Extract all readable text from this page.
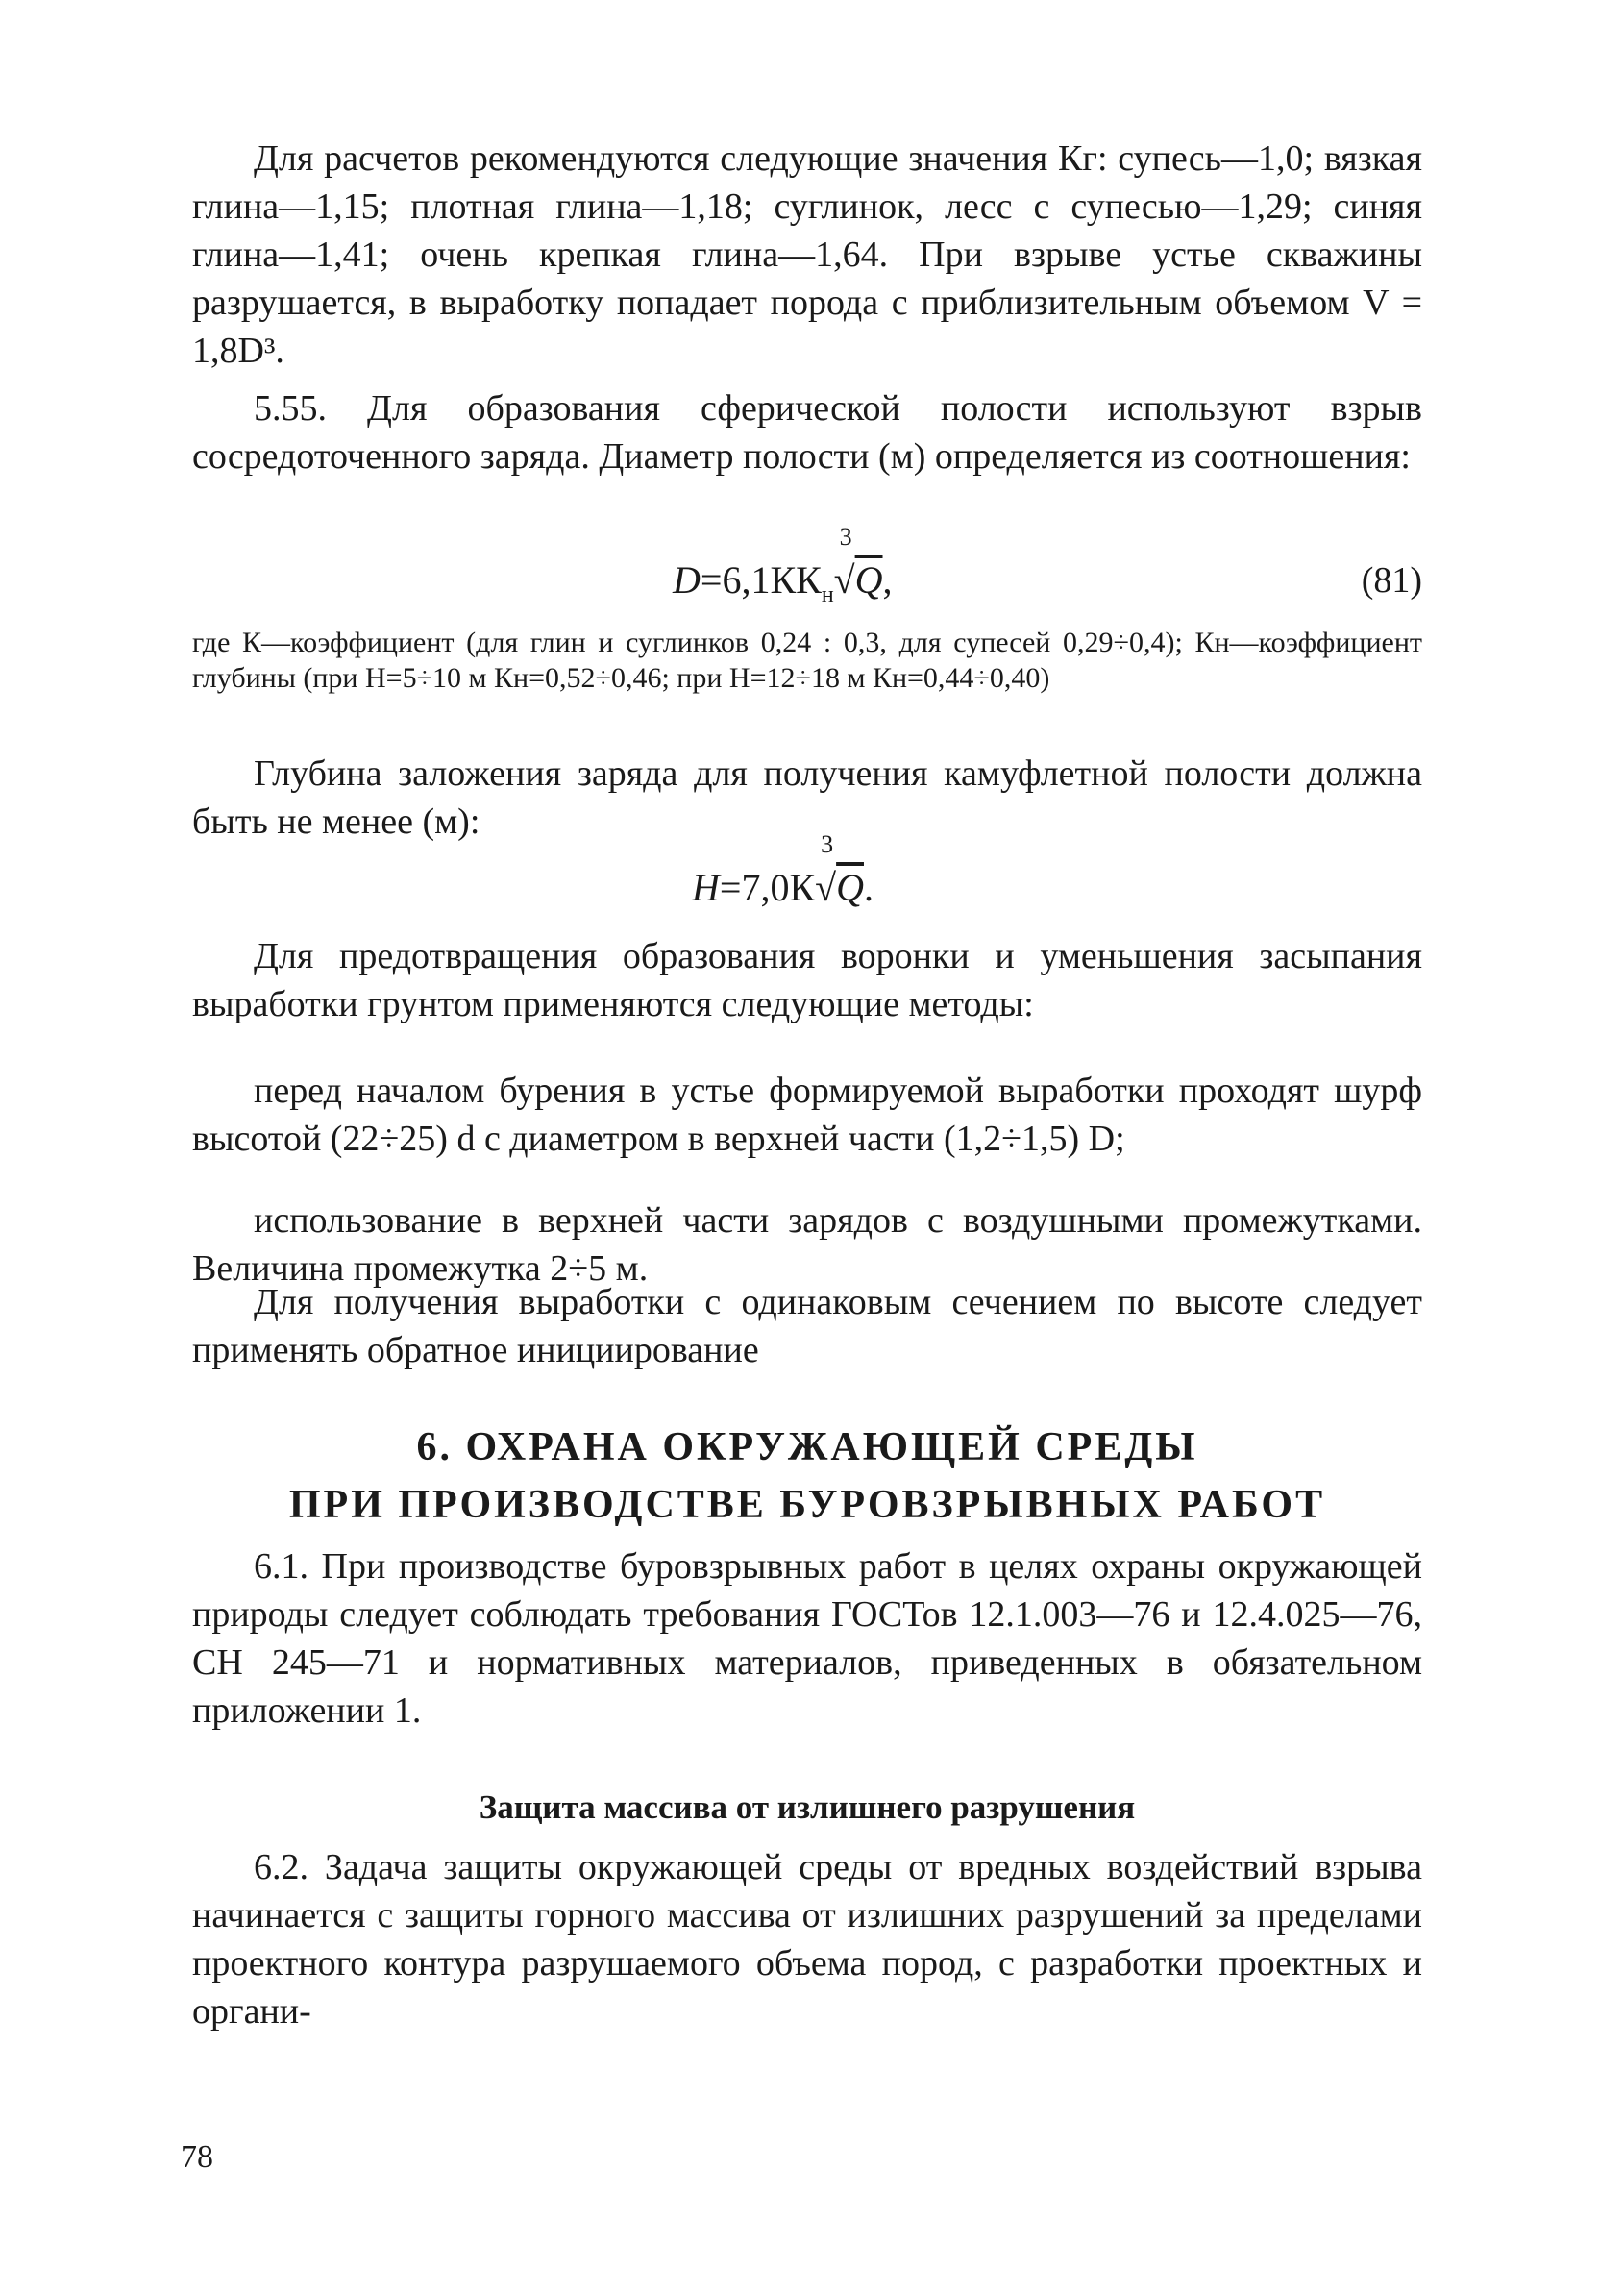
Для расчетов рекомендуются следующие значения Кг: супесь—1,0; вязкая глина—1,15; плотная глина—1,18; суглинок, лесс с супесью—1,29; синяя глина—1,41; очень крепкая глина—1,64. При взрыве устье скважины разрушается, в выработку попадает порода с приблизительным объемом V = 1,8D³.

5.55. Для образования сферической полости используют взрыв сосредоточенного заряда. Диаметр полости (м) определяется из соотношения:

$D=6,1КК_н$
3
√Q,	(81)

где К—коэффициент (для глин и суглинков 0,24 : 0,3, для супесей 0,29÷0,4); Кн—коэффициент глубины (при H=5÷10 м Кн=0,52÷0,46; при H=12÷18 м Кн=0,44÷0,40)

Глубина заложения заряда для получения камуфлетной полости должна быть не менее (м):

H=7,0К
3
√Q.

Для предотвращения образования воронки и уменьшения засыпания выработки грунтом применяются следующие методы:

перед началом бурения в устье формируемой выработки проходят шурф высотой (22÷25) d с диаметром в верхней части (1,2÷1,5) D;

использование в верхней части зарядов с воздушными промежутками. Величина промежутка 2÷5 м.

Для получения выработки с одинаковым сечением по высоте следует применять обратное инициирование

6. ОХРАНА ОКРУЖАЮЩЕЙ СРЕДЫ
ПРИ ПРОИЗВОДСТВЕ БУРОВЗРЫВНЫХ РАБОТ

6.1. При производстве буровзрывных работ в целях охраны окружающей природы следует соблюдать требования ГОСТов 12.1.003—76 и 12.4.025—76, СН 245—71 и нормативных материалов, приведенных в обязательном приложении 1.

Защита массива от излишнего разрушения

6.2. Задача защиты окружающей среды от вредных воздействий взрыва начинается с защиты горного массива от излишних разрушений за пределами проектного контура разрушаемого объема пород, с разработки проектных и органи-

78
